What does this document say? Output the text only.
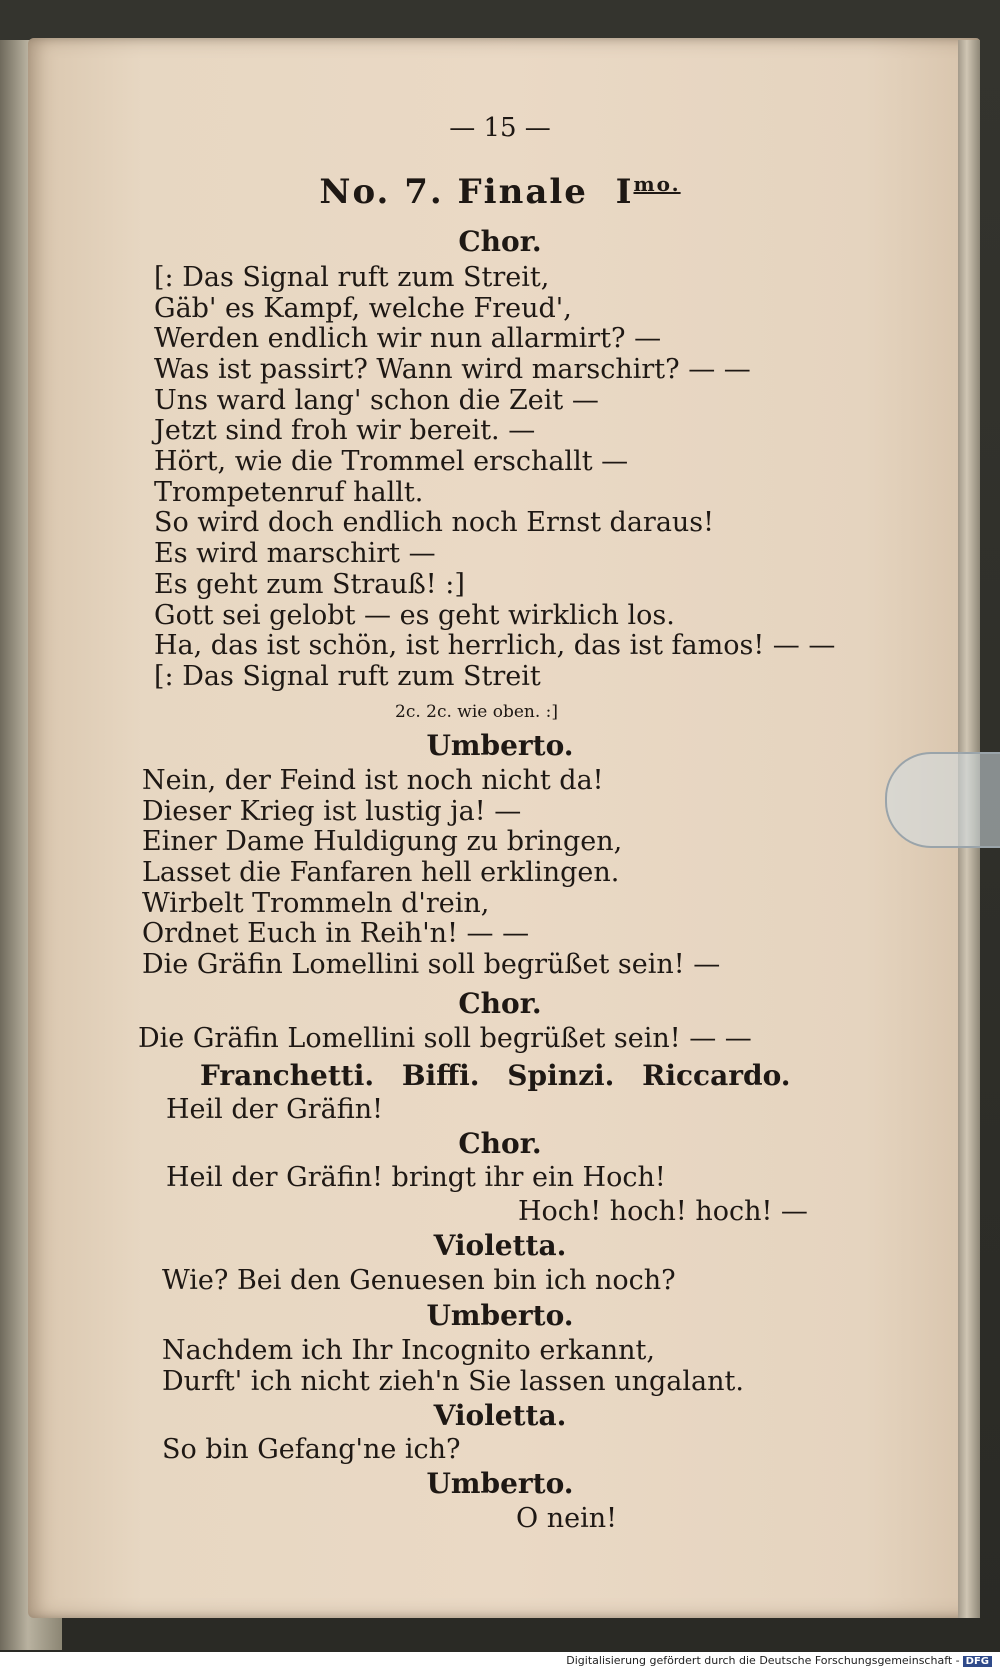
— 15 —
No. 7. Finale $I^{mo.}$
Chor.
[: Das Signal ruft zum Streit,
Gäb' es Kampf, welche Freud',
Werden endlich wir nun allarmirt? —
Was ist passirt? Wann wird marschirt? — —
Uns ward lang' schon die Zeit —
Jetzt sind froh wir bereit. —
Hört, wie die Trommel erschallt —
Trompetenruf hallt.
So wird doch endlich noch Ernst daraus!
Es wird marschirt —
Es geht zum Strauß! :]
Gott sei gelobt — es geht wirklich los.
Ha, das ist schön, ist herrlich, das ist famos! — —
[: Das Signal ruft zum Streit
2c. 2c. wie oben. :]
Umberto.
Nein, der Feind ist noch nicht da!
Dieser Krieg ist lustig ja! —
Einer Dame Huldigung zu bringen,
Lasset die Fanfaren hell erklingen.
Wirbelt Trommeln d'rein,
Ordnet Euch in Reih'n! — —
Die Gräfin Lomellini soll begrüßet sein! —
Chor.
Die Gräfin Lomellini soll begrüßet sein! — —
Franchetti. Biffi. Spinzi. Riccardo.
Heil der Gräfin!
Chor.
Heil der Gräfin! bringt ihr ein Hoch!
Hoch! hoch! hoch! —
Violetta.
Wie? Bei den Genuesen bin ich noch?
Umberto.
Nachdem ich Ihr Incognito erkannt,
Durft' ich nicht zieh'n Sie lassen ungalant.
Violetta.
So bin Gefang'ne ich?
Umberto.
O nein!
Digitalisierung gefördert durch die Deutsche Forschungsgemeinschaft - DFG
